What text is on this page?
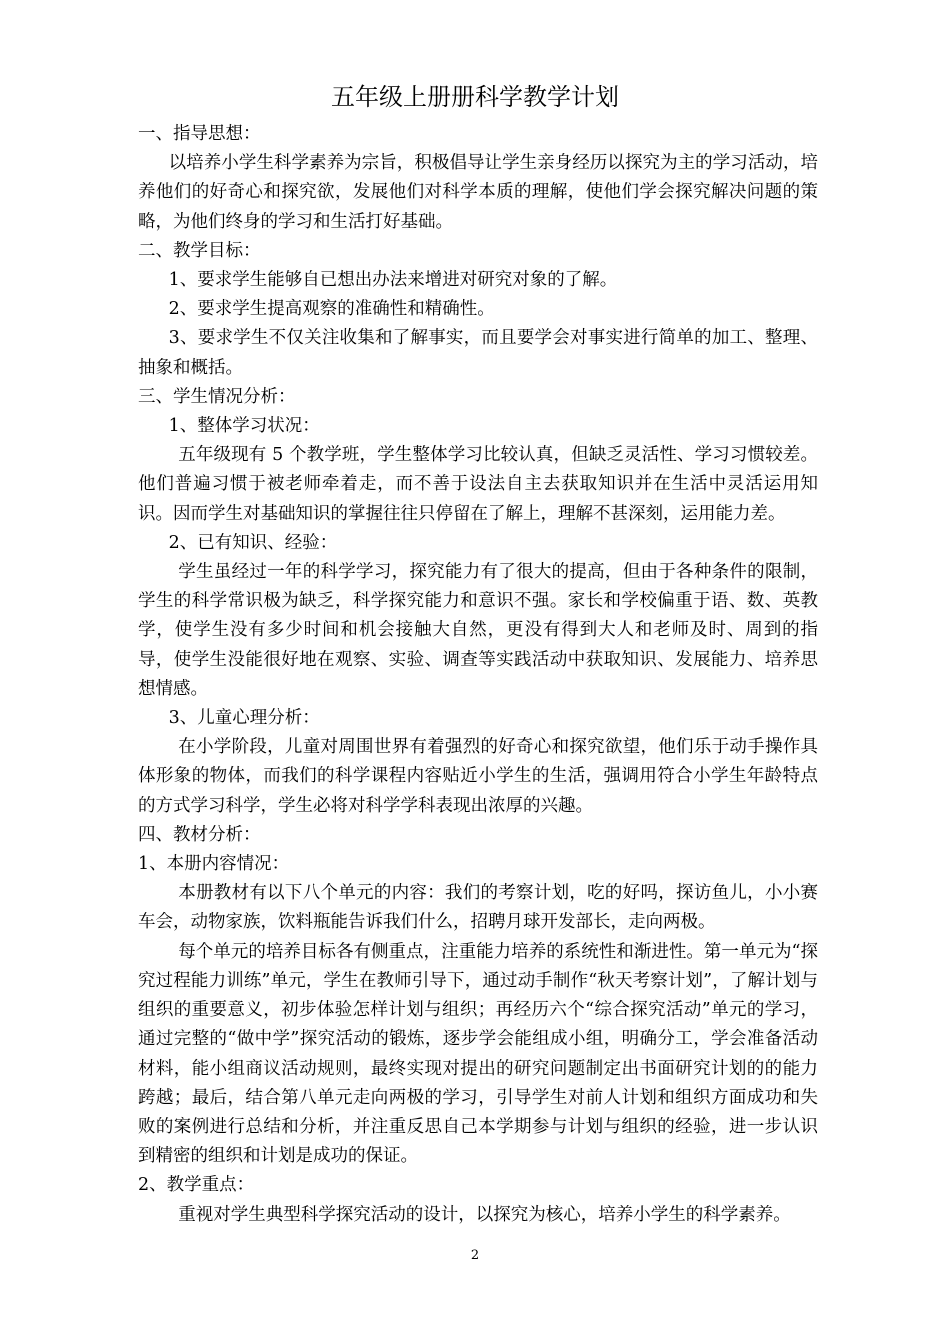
五年级上册册科学教学计划

一、指导思想：

以培养小学生科学素养为宗旨，积极倡导让学生亲身经历以探究为主的学习活动，培养他们的好奇心和探究欲，发展他们对科学本质的理解，使他们学会探究解决问题的策略，为他们终身的学习和生活打好基础。

二、教学目标：

1、要求学生能够自已想出办法来增进对研究对象的了解。

2、要求学生提高观察的准确性和精确性。

3、要求学生不仅关注收集和了解事实，而且要学会对事实进行简单的加工、整理、抽象和概括。

三、学生情况分析：

1、整体学习状况：

五年级现有 5 个教学班，学生整体学习比较认真，但缺乏灵活性、学习习惯较差。他们普遍习惯于被老师牵着走，而不善于设法自主去获取知识并在生活中灵活运用知识。因而学生对基础知识的掌握往往只停留在了解上，理解不甚深刻，运用能力差。

2、已有知识、经验：

学生虽经过一年的科学学习，探究能力有了很大的提高，但由于各种条件的限制，学生的科学常识极为缺乏，科学探究能力和意识不强。家长和学校偏重于语、数、英教学，使学生没有多少时间和机会接触大自然，更没有得到大人和老师及时、周到的指导，使学生没能很好地在观察、实验、调查等实践活动中获取知识、发展能力、培养思想情感。

3、儿童心理分析：

在小学阶段，儿童对周围世界有着强烈的好奇心和探究欲望，他们乐于动手操作具体形象的物体，而我们的科学课程内容贴近小学生的生活，强调用符合小学生年龄特点的方式学习科学，学生必将对科学学科表现出浓厚的兴趣。

四、教材分析：

1、本册内容情况：

本册教材有以下八个单元的内容：我们的考察计划，吃的好吗，探访鱼儿，小小赛车会，动物家族，饮料瓶能告诉我们什么，招聘月球开发部长，走向两极。

每个单元的培养目标各有侧重点，注重能力培养的系统性和渐进性。第一单元为“探究过程能力训练”单元，学生在教师引导下，通过动手制作“秋天考察计划”，了解计划与组织的重要意义，初步体验怎样计划与组织；再经历六个“综合探究活动”单元的学习，通过完整的“做中学”探究活动的锻炼，逐步学会能组成小组，明确分工，学会准备活动材料，能小组商议活动规则，最终实现对提出的研究问题制定出书面研究计划的的能力跨越；最后，结合第八单元走向两极的学习，引导学生对前人计划和组织方面成功和失败的案例进行总结和分析，并注重反思自己本学期参与计划与组织的经验，进一步认识到精密的组织和计划是成功的保证。

2、教学重点：

重视对学生典型科学探究活动的设计，以探究为核心，培养小学生的科学素养。

2
